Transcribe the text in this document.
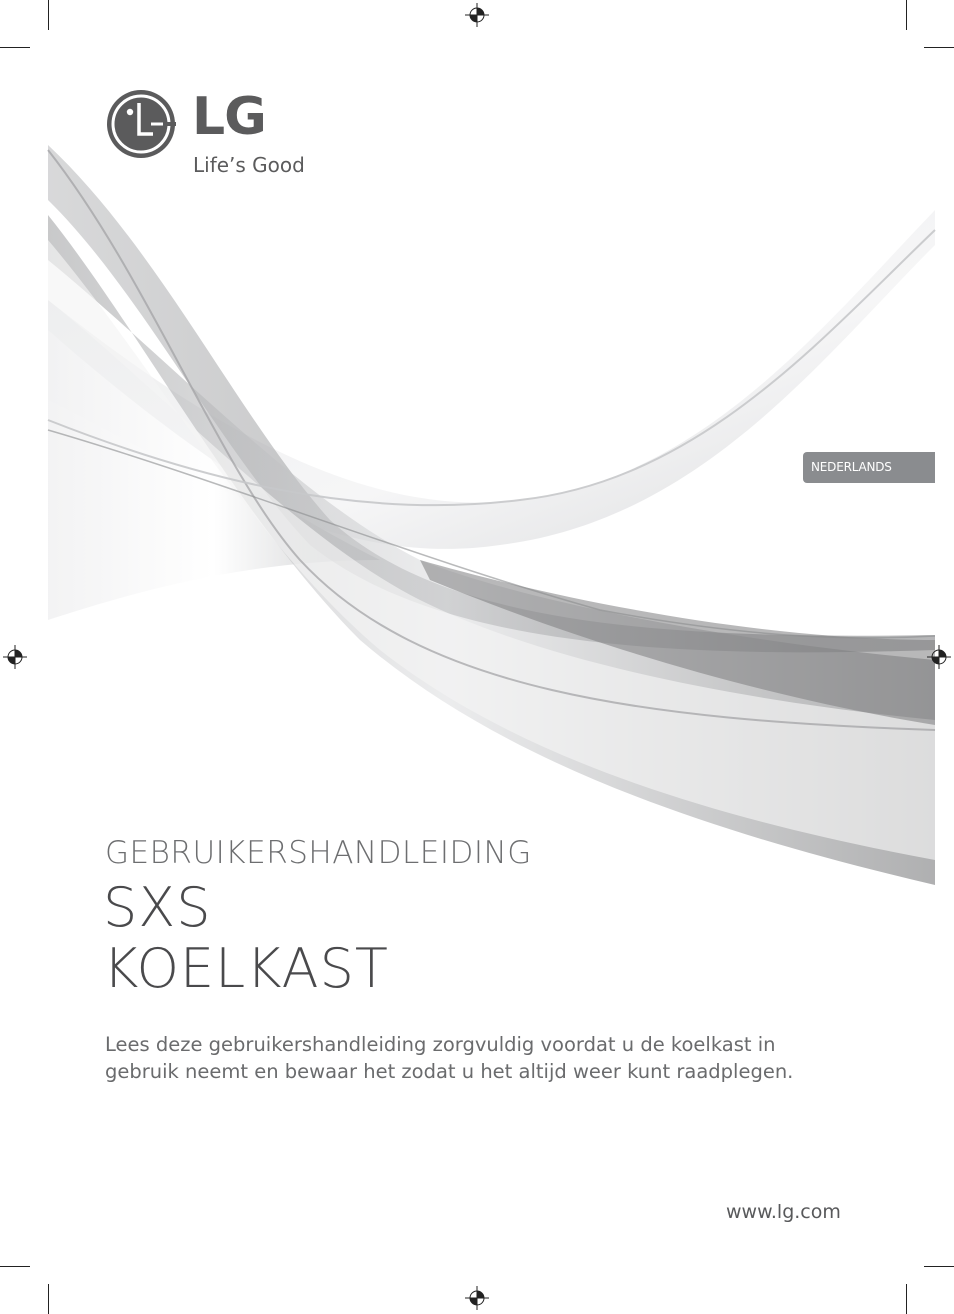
LG
Life’s Good
NEDERLANDS
GEBRUIKERSHANDLEIDING
SXS
KOELKAST
Lees deze gebruikershandleiding zorgvuldig voordat u de koelkast in
gebruik neemt en bewaar het zodat u het altijd weer kunt raadplegen.
www.lg.com
